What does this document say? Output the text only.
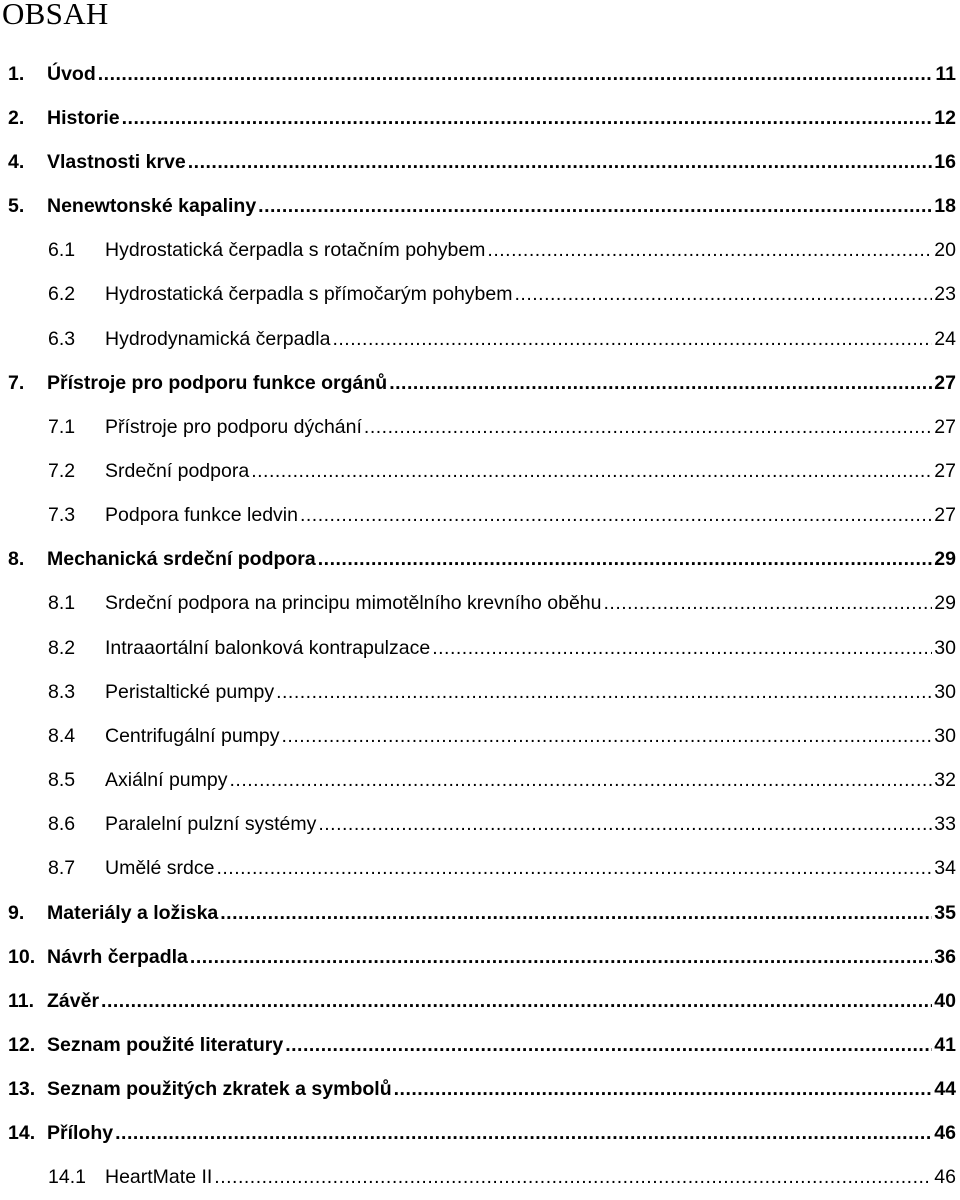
OBSAH
1.	Úvod .....	11
2.	Historie .....	12
4.	Vlastnosti krve .....	16
5.	Nenewtonské kapaliny .....	18
6.1	Hydrostatická čerpadla s rotačním pohybem .....	20
6.2	Hydrostatická čerpadla s přímočarým pohybem .....	23
6.3	Hydrodynamická čerpadla .....	24
7.	Přístroje pro podporu funkce orgánů .....	27
7.1	Přístroje pro podporu dýchání .....	27
7.2	Srdeční podpora .....	27
7.3	Podpora funkce ledvin .....	27
8.	Mechanická srdeční podpora .....	29
8.1	Srdeční podpora na principu mimotělního krevního oběhu .....	29
8.2	Intraaortální balonková kontrapulzace .....	30
8.3	Peristaltické pumpy .....	30
8.4	Centrifugální pumpy .....	30
8.5	Axiální pumpy .....	32
8.6	Paralelní pulzní systémy .....	33
8.7	Umělé srdce .....	34
9.	Materiály a ložiska .....	35
10. Návrh čerpadla .....	36
11. Závěr .....	40
12. Seznam použité literatury .....	41
13. Seznam použitých zkratek a symbolů .....	44
14. Přílohy .....	46
14.1 HeartMate II .....	46
